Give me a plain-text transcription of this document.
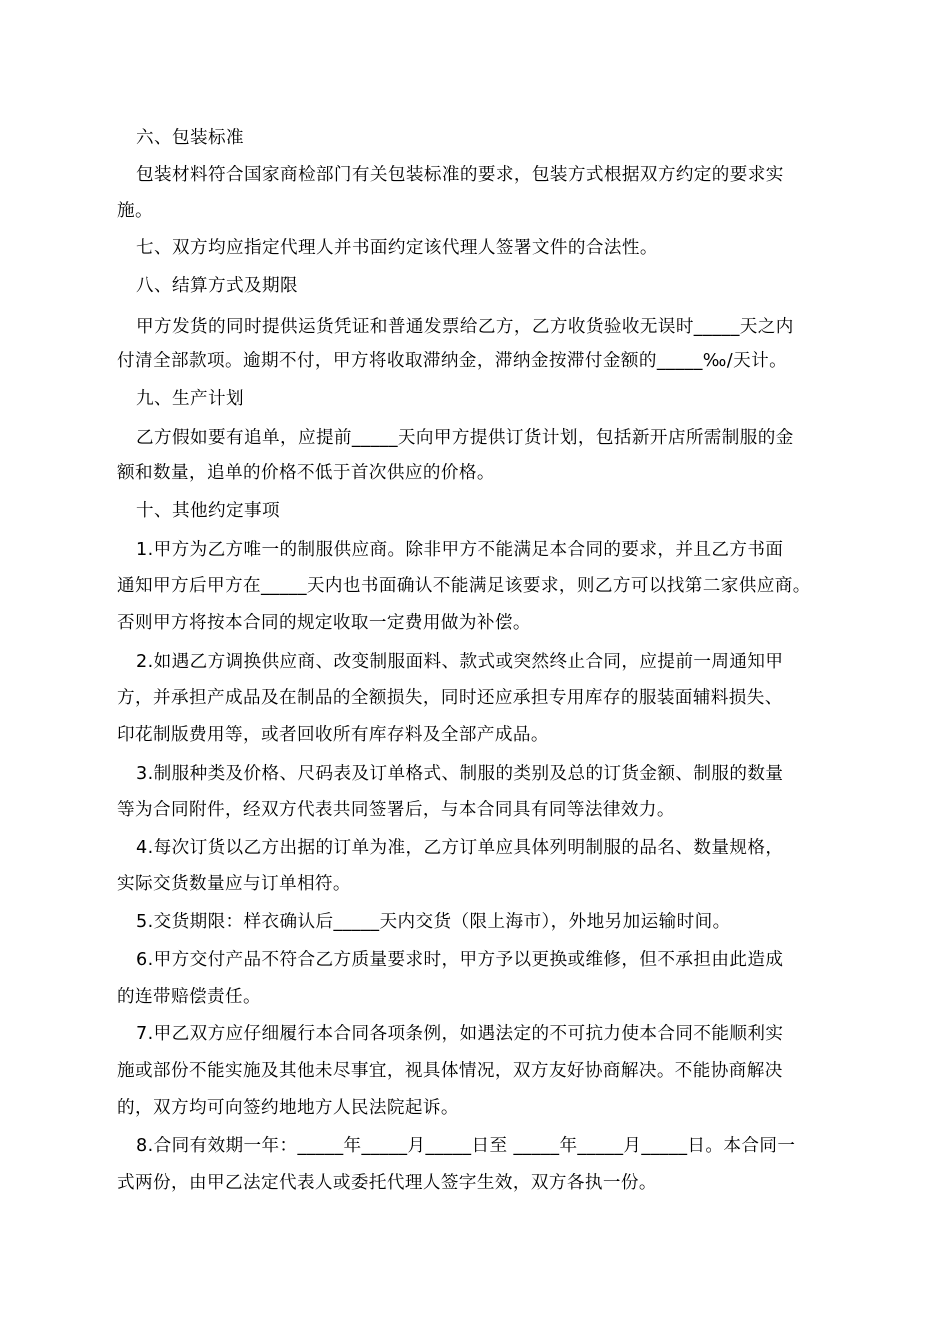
六、包装标准
包装材料符合国家商检部门有关包装标准的要求，包装方式根据双方约定的要求实
施。
七、双方均应指定代理人并书面约定该代理人签署文件的合法性。
八、结算方式及期限
甲方发货的同时提供运货凭证和普通发票给乙方，乙方收货验收无误时_____天之内
付清全部款项。逾期不付，甲方将收取滞纳金，滞纳金按滞付金额的_____‰/天计。
九、生产计划
乙方假如要有追单，应提前_____天向甲方提供订货计划，包括新开店所需制服的金
额和数量，追单的价格不低于首次供应的价格。
十、其他约定事项
1.甲方为乙方唯一的制服供应商。除非甲方不能满足本合同的要求，并且乙方书面
通知甲方后甲方在_____天内也书面确认不能满足该要求，则乙方可以找第二家供应商。
否则甲方将按本合同的规定收取一定费用做为补偿。
2.如遇乙方调换供应商、改变制服面料、款式或突然终止合同，应提前一周通知甲
方，并承担产成品及在制品的全额损失，同时还应承担专用库存的服装面辅料损失、
印花制版费用等，或者回收所有库存料及全部产成品。
3.制服种类及价格、尺码表及订单格式、制服的类别及总的订货金额、制服的数量
等为合同附件，经双方代表共同签署后，与本合同具有同等法律效力。
4.每次订货以乙方出据的订单为准，乙方订单应具体列明制服的品名、数量规格，
实际交货数量应与订单相符。
5.交货期限：样衣确认后_____天内交货（限上海市），外地另加运输时间。
6.甲方交付产品不符合乙方质量要求时，甲方予以更换或维修，但不承担由此造成
的连带赔偿责任。
7.甲乙双方应仔细履行本合同各项条例，如遇法定的不可抗力使本合同不能顺利实
施或部份不能实施及其他未尽事宜，视具体情况，双方友好协商解决。不能协商解决
的，双方均可向签约地地方人民法院起诉。
8.合同有效期一年：_____年_____月_____日至 _____年_____月_____日。本合同一
式两份，由甲乙法定代表人或委托代理人签字生效，双方各执一份。
